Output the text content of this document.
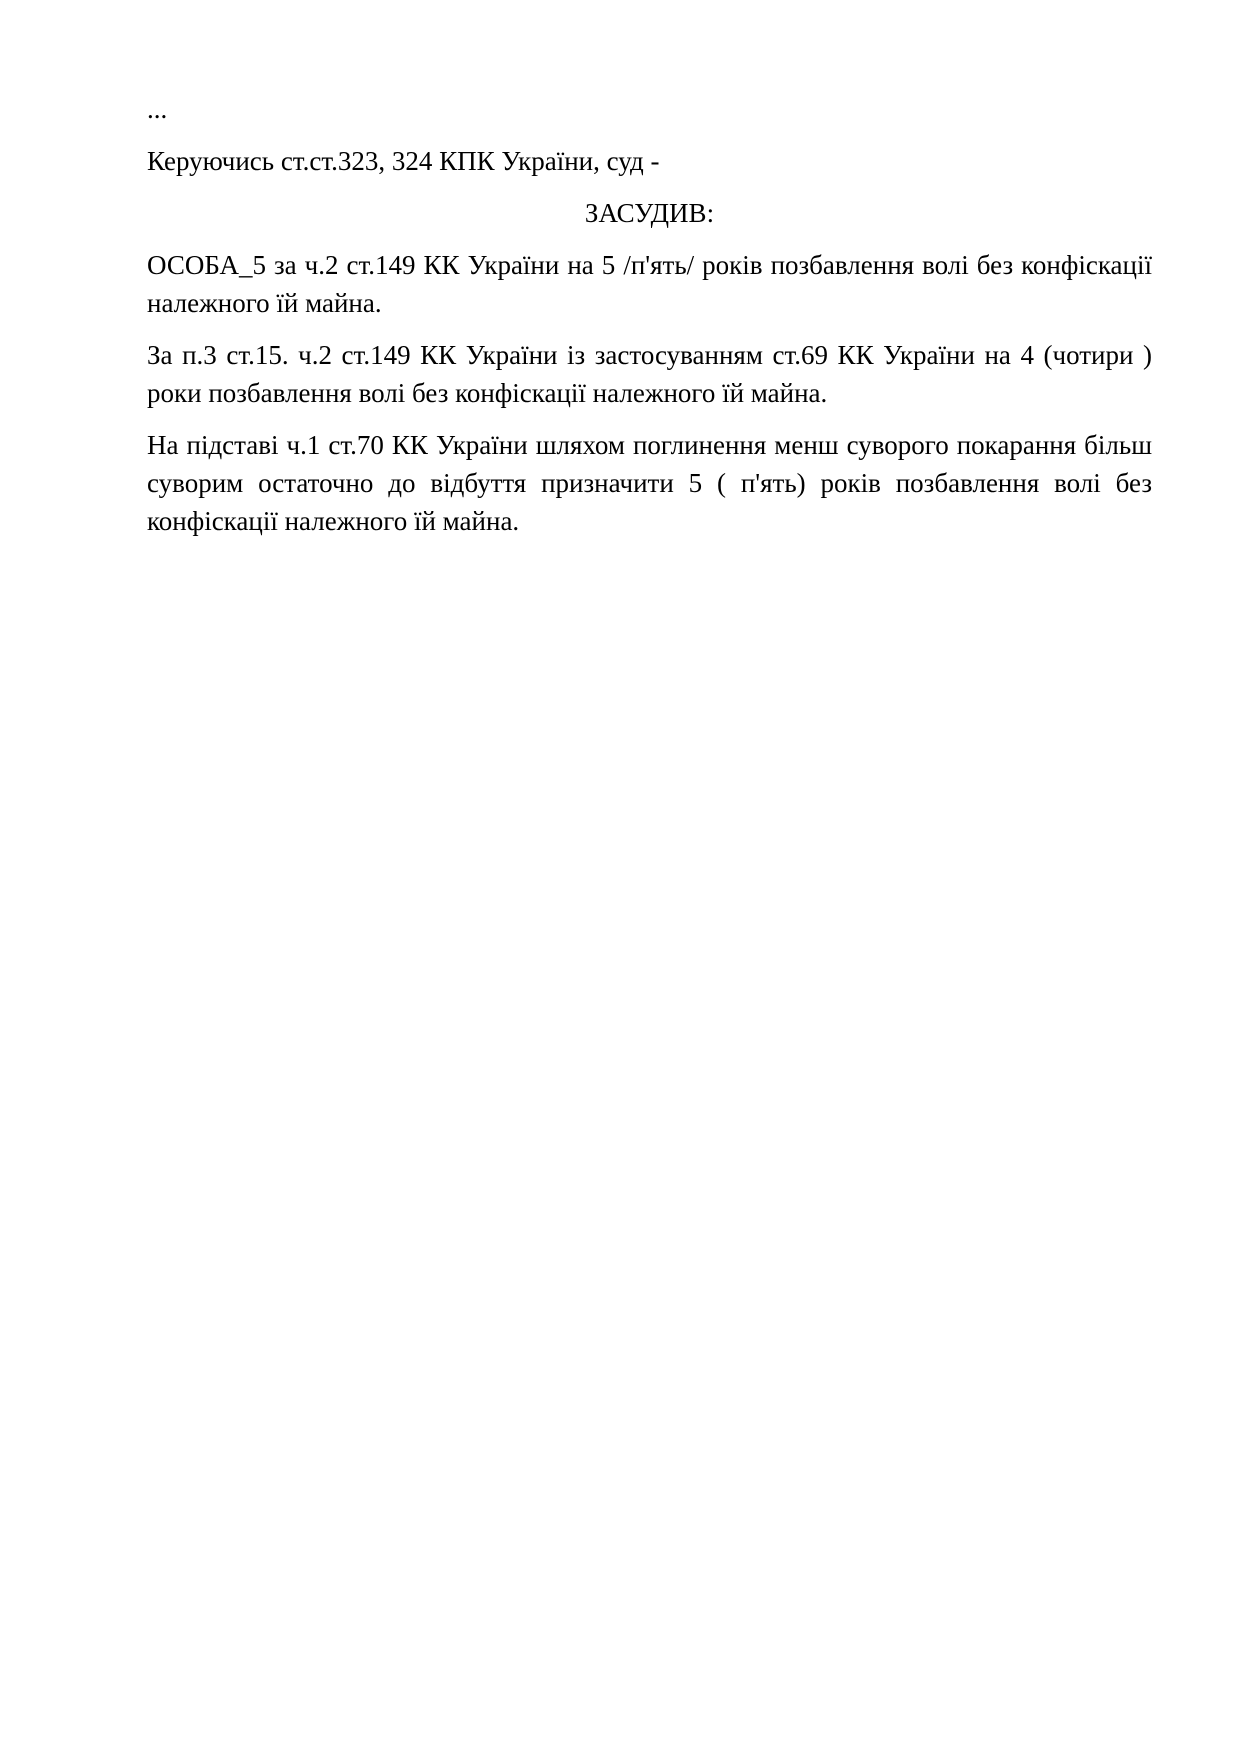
...

Керуючись ст.ст.323, 324 КПК України, суд -

ЗАСУДИВ:

ОСОБА_5 за ч.2 ст.149 КК України на 5 /п'ять/ років позбавлення волі без конфіскації належного їй майна.

За п.3 ст.15. ч.2 ст.149 КК України із застосуванням ст.69 КК України на 4 (чотири ) роки позбавлення волі без конфіскації належного їй майна.

На підставі ч.1 ст.70 КК України шляхом поглинення менш суворого покарання більш суворим остаточно до відбуття призначити 5 ( п'ять) років позбавлення волі без конфіскації належного їй майна.
